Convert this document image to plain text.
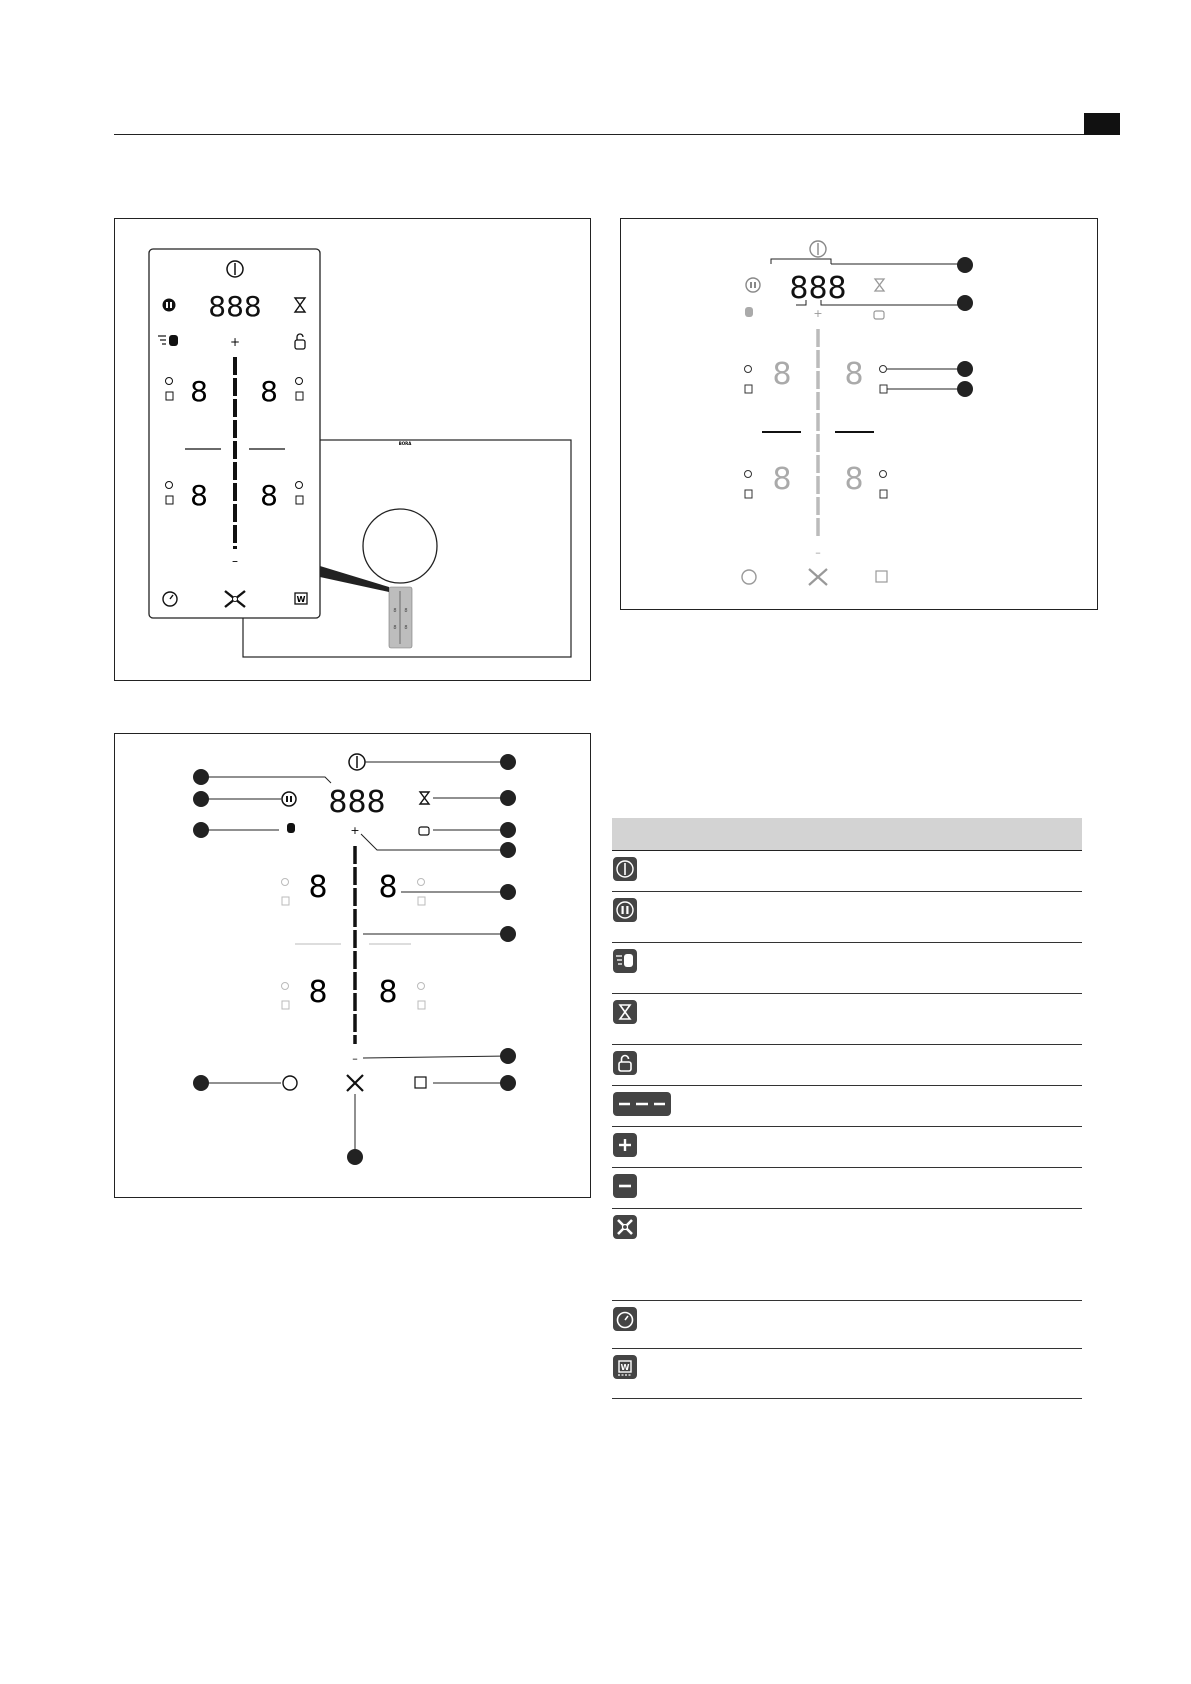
BORA
8 8
8 8
888
+
–
8 8
8 8
W
888
+
–
8 8
8 8
888
+
–
8 8
8 8
W
